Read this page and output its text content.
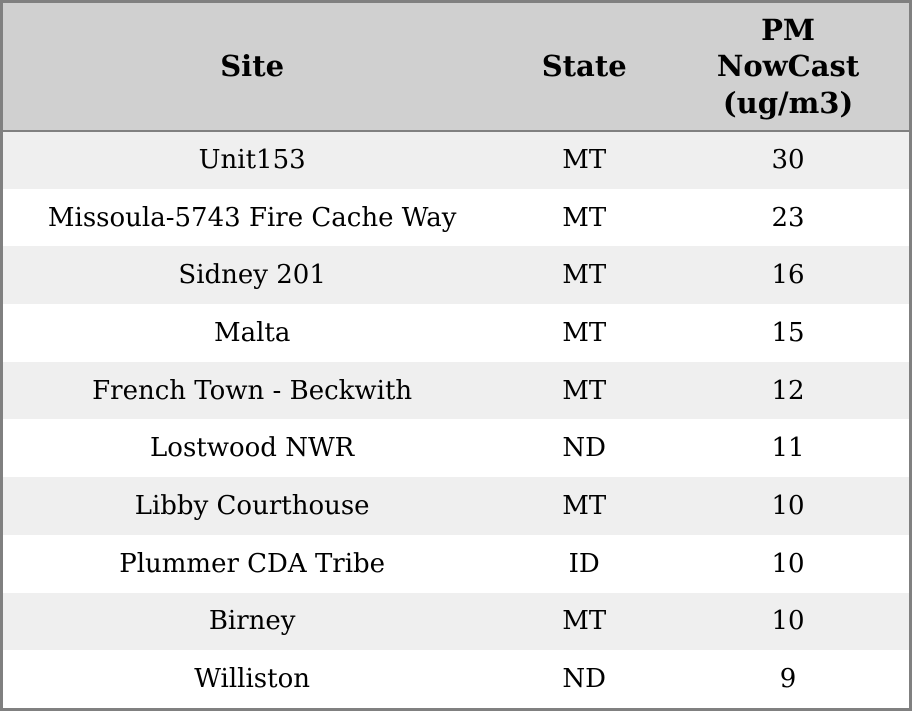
Site	State	PM NowCast (ug/m3)

Unit153	MT	30
Missoula-5743 Fire Cache Way	MT	23
Sidney 201	MT	16
Malta	MT	15
French Town - Beckwith	MT	12
Lostwood NWR	ND	11
Libby Courthouse	MT	10
Plummer CDA Tribe	ID	10
Birney	MT	10
Williston	ND	9
